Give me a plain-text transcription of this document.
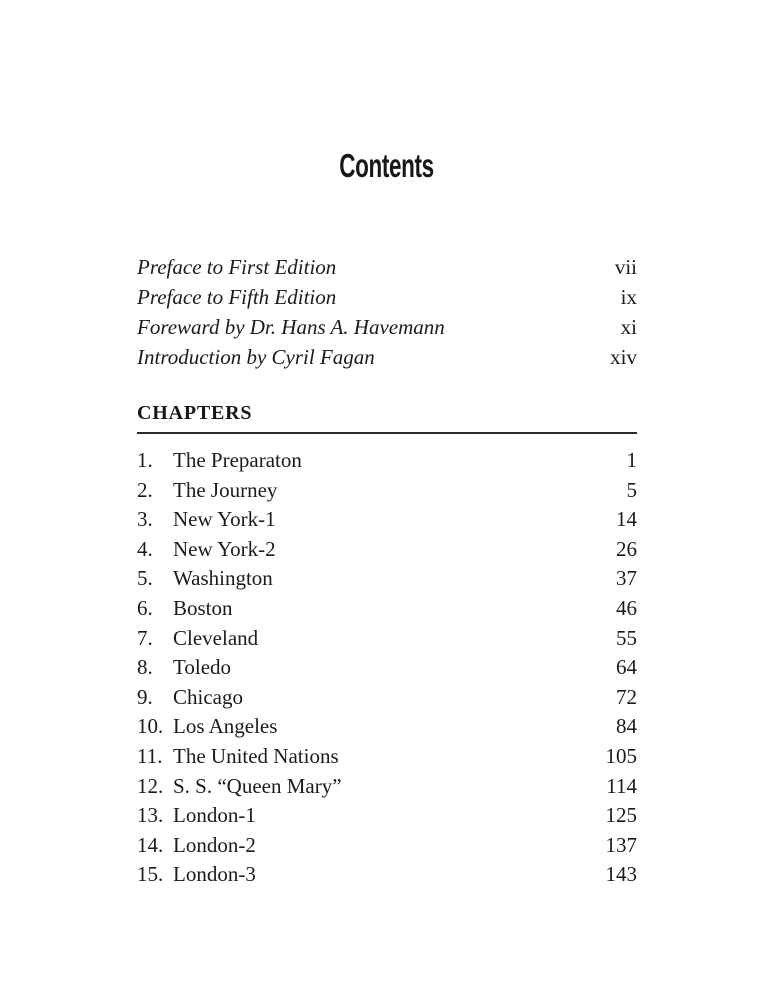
Contents
Preface to First Edition	vii
Preface to Fifth Edition	ix
Foreward by Dr. Hans A. Havemann	xi
Introduction by Cyril Fagan	xiv
CHAPTERS
1. The Preparaton	1
2. The Journey	5
3. New York-1	14
4. New York-2	26
5. Washington	37
6. Boston	46
7. Cleveland	55
8. Toledo	64
9. Chicago	72
10. Los Angeles	84
11. The United Nations	105
12. S. S. “Queen Mary”	114
13. London-1	125
14. London-2	137
15. London-3	143
